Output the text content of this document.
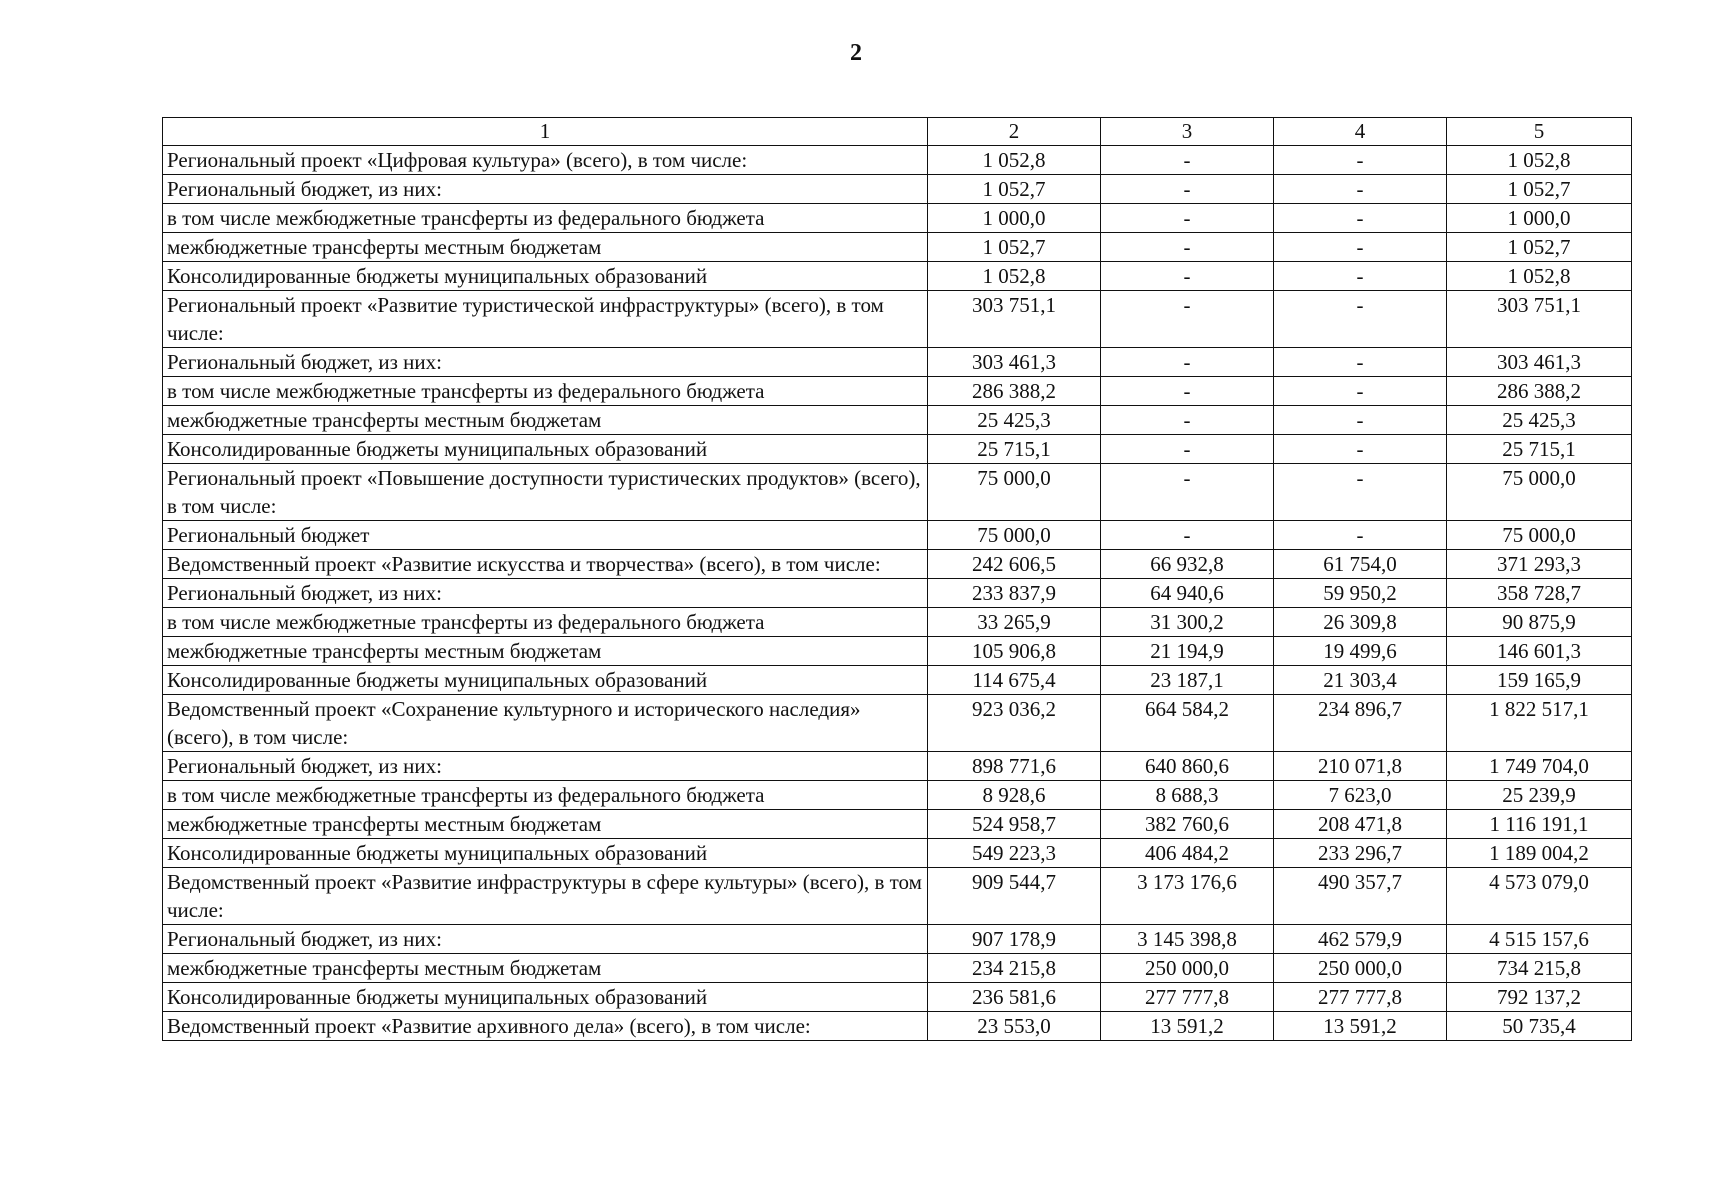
2
1	2	3	4	5
Региональный проект «Цифровая культура» (всего), в том числе:	1 052,8	-	-	1 052,8
Региональный бюджет, из них:	1 052,7	-	-	1 052,7
в том числе межбюджетные трансферты из федерального бюджета	1 000,0	-	-	1 000,0
межбюджетные трансферты местным бюджетам	1 052,7	-	-	1 052,7
Консолидированные бюджеты муниципальных образований	1 052,8	-	-	1 052,8
Региональный проект «Развитие туристической инфраструктуры» (всего), в том числе:	303 751,1	-	-	303 751,1
Региональный бюджет, из них:	303 461,3	-	-	303 461,3
в том числе межбюджетные трансферты из федерального бюджета	286 388,2	-	-	286 388,2
межбюджетные трансферты местным бюджетам	25 425,3	-	-	25 425,3
Консолидированные бюджеты муниципальных образований	25 715,1	-	-	25 715,1
Региональный проект «Повышение доступности туристических продуктов» (всего), в том числе:	75 000,0	-	-	75 000,0
Региональный бюджет	75 000,0	-	-	75 000,0
Ведомственный проект «Развитие искусства и творчества» (всего), в том числе:	242 606,5	66 932,8	61 754,0	371 293,3
Региональный бюджет, из них:	233 837,9	64 940,6	59 950,2	358 728,7
в том числе межбюджетные трансферты из федерального бюджета	33 265,9	31 300,2	26 309,8	90 875,9
межбюджетные трансферты местным бюджетам	105 906,8	21 194,9	19 499,6	146 601,3
Консолидированные бюджеты муниципальных образований	114 675,4	23 187,1	21 303,4	159 165,9
Ведомственный проект «Сохранение культурного и исторического наследия» (всего), в том числе:	923 036,2	664 584,2	234 896,7	1 822 517,1
Региональный бюджет, из них:	898 771,6	640 860,6	210 071,8	1 749 704,0
в том числе межбюджетные трансферты из федерального бюджета	8 928,6	8 688,3	7 623,0	25 239,9
межбюджетные трансферты местным бюджетам	524 958,7	382 760,6	208 471,8	1 116 191,1
Консолидированные бюджеты муниципальных образований	549 223,3	406 484,2	233 296,7	1 189 004,2
Ведомственный проект «Развитие инфраструктуры в сфере культуры» (всего), в том числе:	909 544,7	3 173 176,6	490 357,7	4 573 079,0
Региональный бюджет, из них:	907 178,9	3 145 398,8	462 579,9	4 515 157,6
межбюджетные трансферты местным бюджетам	234 215,8	250 000,0	250 000,0	734 215,8
Консолидированные бюджеты муниципальных образований	236 581,6	277 777,8	277 777,8	792 137,2
Ведомственный проект «Развитие архивного дела» (всего), в том числе:	23 553,0	13 591,2	13 591,2	50 735,4
